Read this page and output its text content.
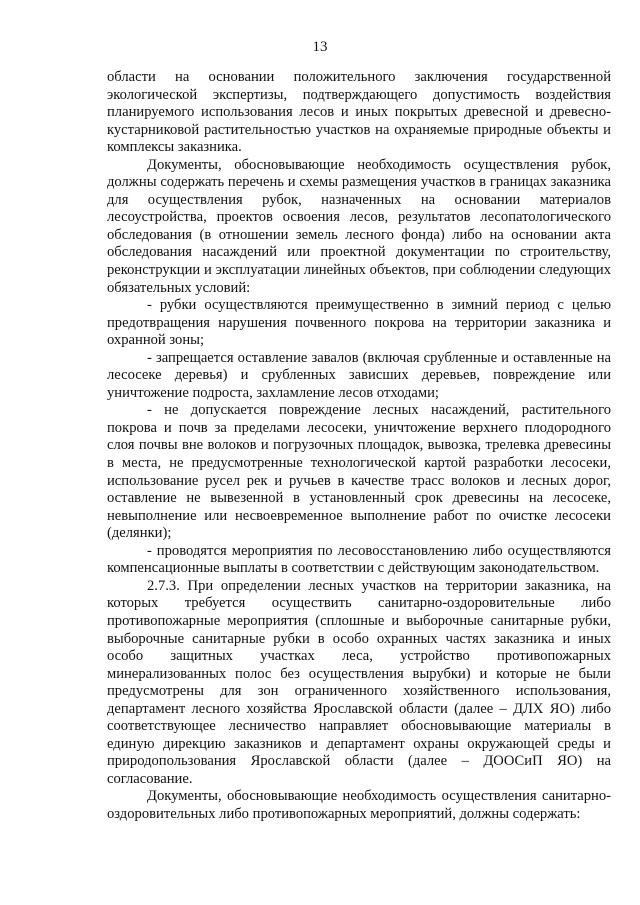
13

области на основании положительного заключения государственной экологической экспертизы, подтверждающего допустимость воздействия планируемого использования лесов и иных покрытых древесной и древесно-кустарниковой растительностью участков на охраняемые природные объекты и комплексы заказника.

Документы, обосновывающие необходимость осуществления рубок, должны содержать перечень и схемы размещения участков в границах заказника для осуществления рубок, назначенных на основании материалов лесоустройства, проектов освоения лесов, результатов лесопатологического обследования (в отношении земель лесного фонда) либо на основании акта обследования насаждений или проектной документации по строительству, реконструкции и эксплуатации линейных объектов, при соблюдении следующих обязательных условий:

- рубки осуществляются преимущественно в зимний период с целью предотвращения нарушения почвенного покрова на территории заказника и охранной зоны;

- запрещается оставление завалов (включая срубленные и оставленные на лесосеке деревья) и срубленных зависших деревьев, повреждение или уничтожение подроста, захламление лесов отходами;

- не допускается повреждение лесных насаждений, растительного покрова и почв за пределами лесосеки, уничтожение верхнего плодородного слоя почвы вне волоков и погрузочных площадок, вывозка, трелевка древесины в места, не предусмотренные технологической картой разработки лесосеки, использование русел рек и ручьев в качестве трасс волоков и лесных дорог, оставление не вывезенной в установленный срок древесины на лесосеке, невыполнение или несвоевременное выполнение работ по очистке лесосеки (делянки);

- проводятся мероприятия по лесовосстановлению либо осуществляются компенсационные выплаты в соответствии с действующим законодательством.

2.7.3. При определении лесных участков на территории заказника, на которых требуется осуществить санитарно-оздоровительные либо противопожарные мероприятия (сплошные и выборочные санитарные рубки, выборочные санитарные рубки в особо охранных частях заказника и иных особо защитных участках леса, устройство противопожарных минерализованных полос без осуществления вырубки) и которые не были предусмотрены для зон ограниченного хозяйственного использования, департамент лесного хозяйства Ярославской области (далее – ДЛХ ЯО) либо соответствующее лесничество направляет обосновывающие материалы в единую дирекцию заказников и департамент охраны окружающей среды и природопользования Ярославской области (далее – ДООСиП ЯО) на согласование.

Документы, обосновывающие необходимость осуществления санитарно-оздоровительных либо противопожарных мероприятий, должны содержать:
